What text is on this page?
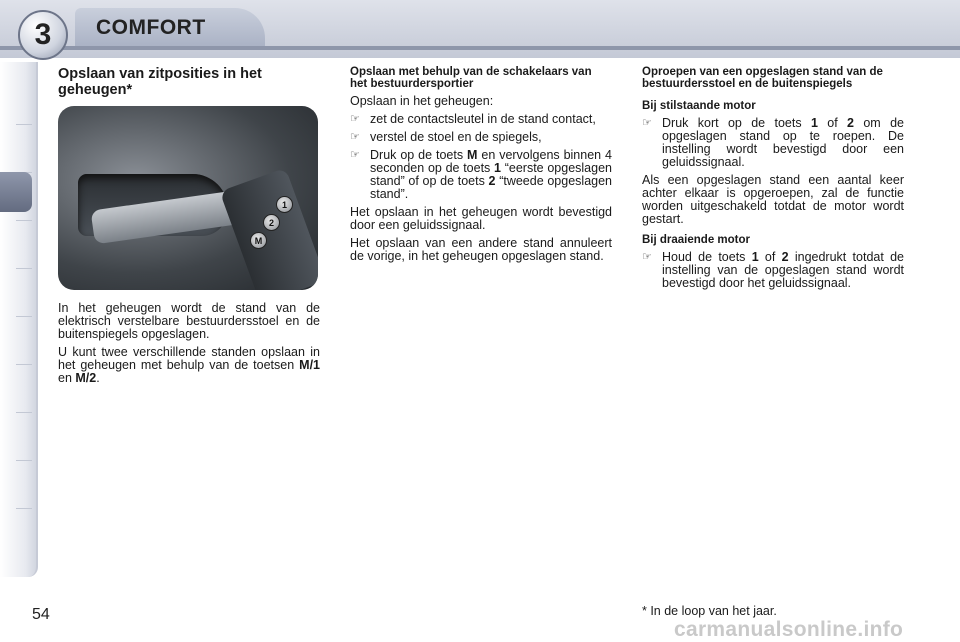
3	COMFORT
Opslaan van zitposities in het geheugen*
1
2
M

In het geheugen wordt de stand van de elektrisch verstelbare bestuurdersstoel en de buitenspiegels opgeslagen.

U kunt twee verschillende standen opslaan in het geheugen met behulp van de toetsen M/1 en M/2.

Opslaan met behulp van de schakelaars van het bestuurdersportier

Opslaan in het geheugen:

☞ zet de contactsleutel in de stand contact,
☞ verstel de stoel en de spiegels,
☞ Druk op de toets M en vervolgens binnen 4 seconden op de toets 1 “eerste opgeslagen stand” of op de toets 2 “tweede opgeslagen stand”.

Het opslaan in het geheugen wordt bevestigd door een geluidssignaal.

Het opslaan van een andere stand annuleert de vorige, in het geheugen opgeslagen stand.

Oproepen van een opgeslagen stand van de bestuurdersstoel en de buitenspiegels
Bij stilstaande motor
☞ Druk kort op de toets 1 of 2 om de opgeslagen stand op te roepen. De instelling wordt bevestigd door een geluidssignaal.

Als een opgeslagen stand een aantal keer achter elkaar is opgeroepen, zal de functie worden uitgeschakeld totdat de motor wordt gestart.

Bij draaiende motor
☞ Houd de toets 1 of 2 ingedrukt totdat de instelling van de opgeslagen stand wordt bevestigd door het geluidssignaal.
54	* In de loop van het jaar.
carmanualsonline.info
